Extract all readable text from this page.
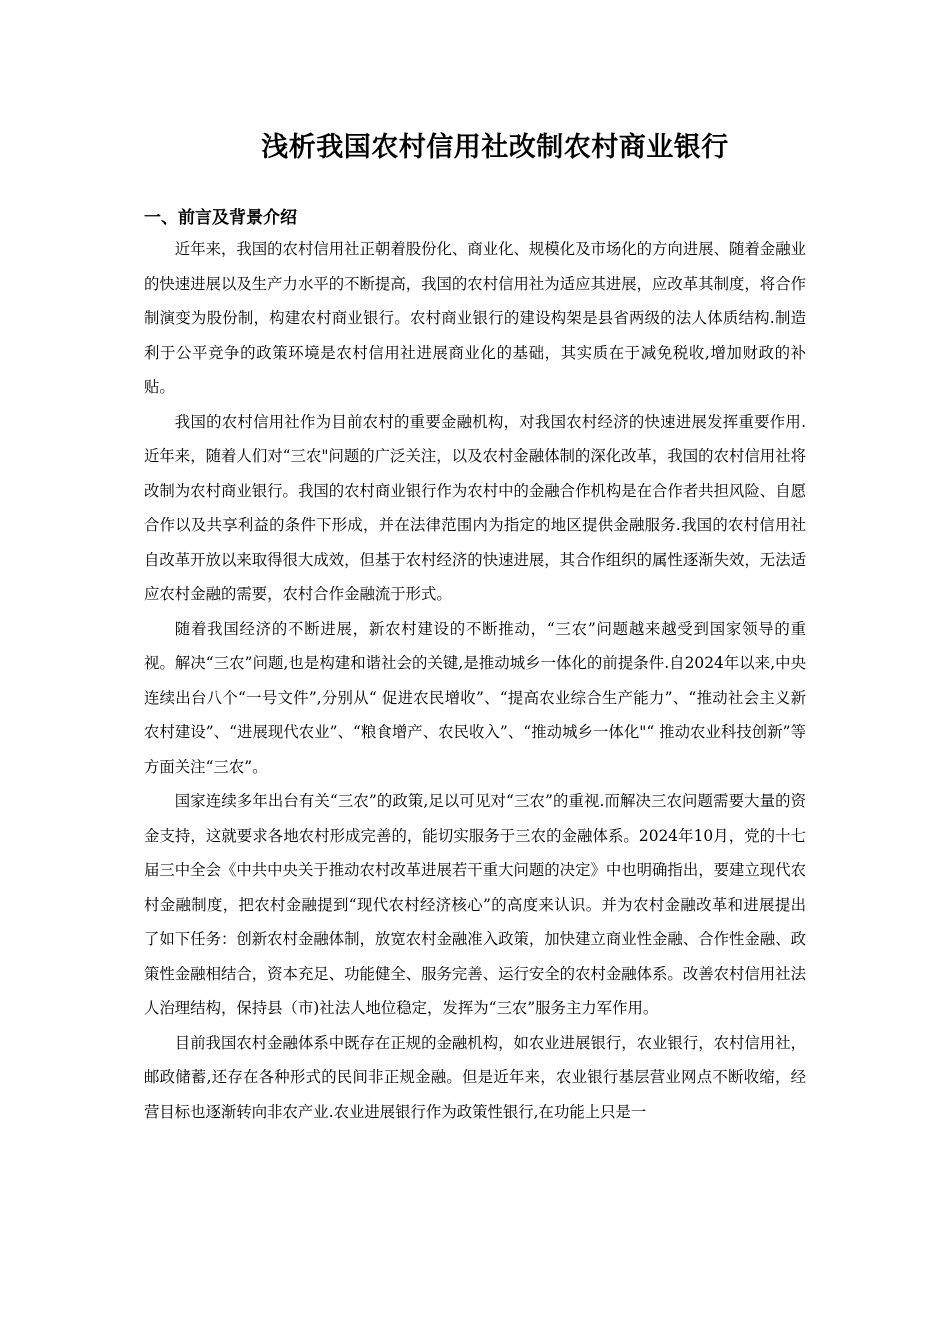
浅析我国农村信用社改制农村商业银行
一、前言及背景介绍

近年来，我国的农村信用社正朝着股份化、商业化、规模化及市场化的方向进展、随着金融业的快速进展以及生产力水平的不断提高，我国的农村信用社为适应其进展，应改革其制度，将合作制演变为股份制，构建农村商业银行。农村商业银行的建设构架是县省两级的法人体质结构.制造利于公平竞争的政策环境是农村信用社进展商业化的基础，其实质在于减免税收,增加财政的补贴。

我国的农村信用社作为目前农村的重要金融机构，对我国农村经济的快速进展发挥重要作用.近年来，随着人们对“三农"问题的广泛关注，以及农村金融体制的深化改革，我国的农村信用社将改制为农村商业银行。我国的农村商业银行作为农村中的金融合作机构是在合作者共担风险、自愿合作以及共享利益的条件下形成，并在法律范围内为指定的地区提供金融服务.我国的农村信用社自改革开放以来取得很大成效，但基于农村经济的快速进展，其合作组织的属性逐渐失效，无法适应农村金融的需要，农村合作金融流于形式。

随着我国经济的不断进展，新农村建设的不断推动，“三农”问题越来越受到国家领导的重视。解决“三农”问题,也是构建和谐社会的关键,是推动城乡一体化的前提条件.自2024年以来,中央连续出台八个“一号文件”,分别从“ 促进农民增收”、“提高农业综合生产能力”、“推动社会主义新农村建设”、“进展现代农业”、“粮食增产、农民收入”、“推动城乡一体化"“ 推动农业科技创新”等方面关注“三农”。

国家连续多年出台有关“三农”的政策,足以可见对“三农”的重视.而解决三农问题需要大量的资金支持，这就要求各地农村形成完善的，能切实服务于三农的金融体系。2024年10月，党的十七届三中全会《中共中央关于推动农村改革进展若干重大问题的决定》中也明确指出，要建立现代农村金融制度，把农村金融提到“现代农村经济核心”的高度来认识。并为农村金融改革和进展提出了如下任务：创新农村金融体制，放宽农村金融准入政策，加快建立商业性金融、合作性金融、政策性金融相结合，资本充足、功能健全、服务完善、运行安全的农村金融体系。改善农村信用社法人治理结构，保持县（市)社法人地位稳定，发挥为“三农”服务主力军作用。

目前我国农村金融体系中既存在正规的金融机构，如农业进展银行，农业银行，农村信用社，邮政储蓄,还存在各种形式的民间非正规金融。但是近年来，农业银行基层营业网点不断收缩，经营目标也逐渐转向非农产业.农业进展银行作为政策性银行,在功能上只是一
